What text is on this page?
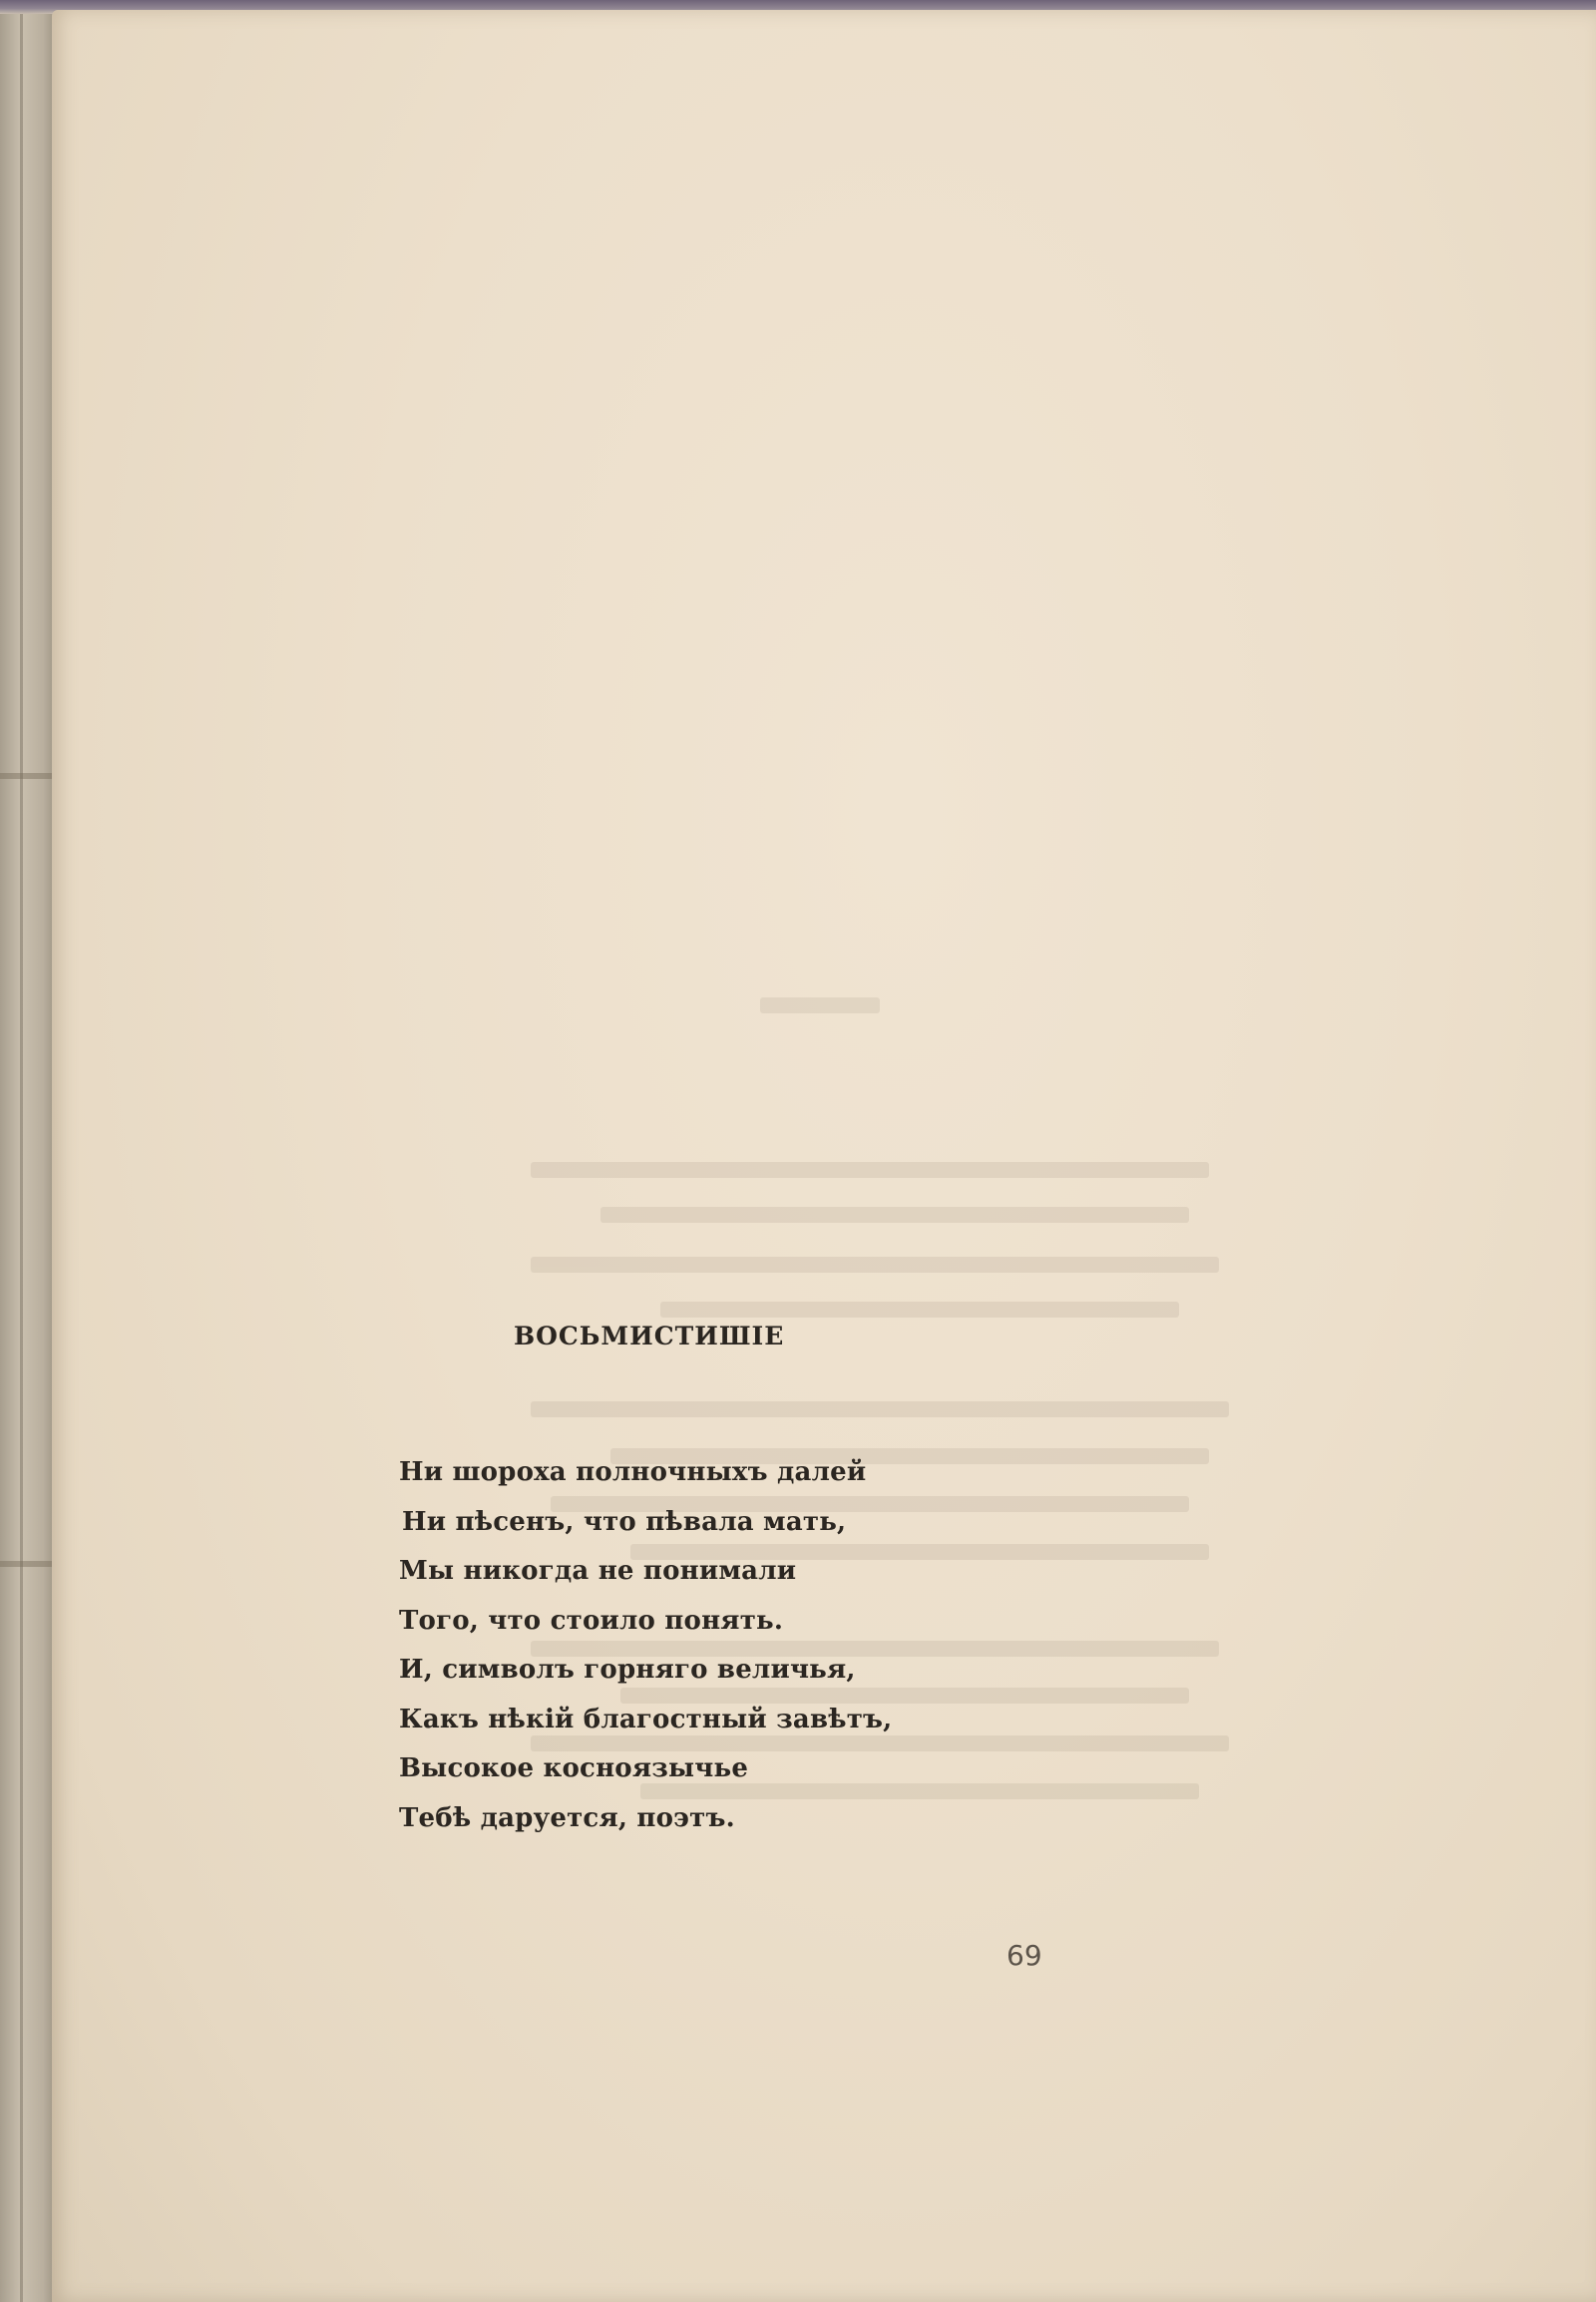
ВОСЬМИСТИШІЕ
Ни шороха полночныхъ далей
Ни пѣсенъ, что пѣвала мать,
Мы никогда не понимали
Того, что стоило понять.
И, символъ горняго величья,
Какъ нѣкій благостный завѣтъ,
Высокое косноязычье
Тебѣ даруется, поэтъ.
69
